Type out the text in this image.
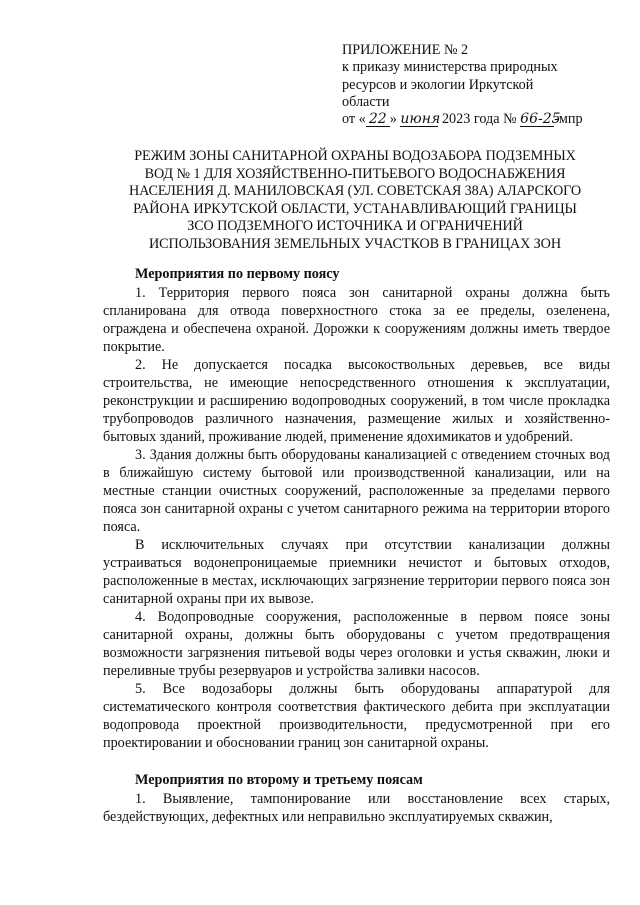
ПРИЛОЖЕНИЕ № 2
к приказу министерства природных
ресурсов и экологии Иркутской
области
от « 22 » июня 2023 года № 66-25-мпр
РЕЖИМ ЗОНЫ САНИТАРНОЙ ОХРАНЫ ВОДОЗАБОРА ПОДЗЕМНЫХ
ВОД № 1 ДЛЯ ХОЗЯЙСТВЕННО-ПИТЬЕВОГО ВОДОСНАБЖЕНИЯ
НАСЕЛЕНИЯ Д. МАНИЛОВСКАЯ (УЛ. СОВЕТСКАЯ 38А) АЛАРСКОГО
РАЙОНА ИРКУТСКОЙ ОБЛАСТИ, УСТАНАВЛИВАЮЩИЙ ГРАНИЦЫ
ЗСО ПОДЗЕМНОГО ИСТОЧНИКА И ОГРАНИЧЕНИЙ
ИСПОЛЬЗОВАНИЯ ЗЕМЕЛЬНЫХ УЧАСТКОВ В ГРАНИЦАХ ЗОН
Мероприятия по первому поясу

1. Территория первого пояса зон санитарной охраны должна быть спланирована для отвода поверхностного стока за ее пределы, озеленена, ограждена и обеспечена охраной. Дорожки к сооружениям должны иметь твердое покрытие.

2. Не допускается посадка высокоствольных деревьев, все виды строительства, не имеющие непосредственного отношения к эксплуатации, реконструкции и расширению водопроводных сооружений, в том числе прокладка трубопроводов различного назначения, размещение жилых и хозяйственно-бытовых зданий, проживание людей, применение ядохимикатов и удобрений.

3. Здания должны быть оборудованы канализацией с отведением сточных вод в ближайшую систему бытовой или производственной канализации, или на местные станции очистных сооружений, расположенные за пределами первого пояса зон санитарной охраны с учетом санитарного режима на территории второго пояса.

В исключительных случаях при отсутствии канализации должны устраиваться водонепроницаемые приемники нечистот и бытовых отходов, расположенные в местах, исключающих загрязнение территории первого пояса зон санитарной охраны при их вывозе.

4. Водопроводные сооружения, расположенные в первом поясе зоны санитарной охраны, должны быть оборудованы с учетом предотвращения возможности загрязнения питьевой воды через оголовки и устья скважин, люки и переливные трубы резервуаров и устройства заливки насосов.

5. Все водозаборы должны быть оборудованы аппаратурой для систематического контроля соответствия фактического дебита при эксплуатации водопровода проектной производительности, предусмотренной при его проектировании и обосновании границ зон санитарной охраны.

Мероприятия по второму и третьему поясам

1. Выявление, тампонирование или восстановление всех старых, бездействующих, дефектных или неправильно эксплуатируемых скважин,
